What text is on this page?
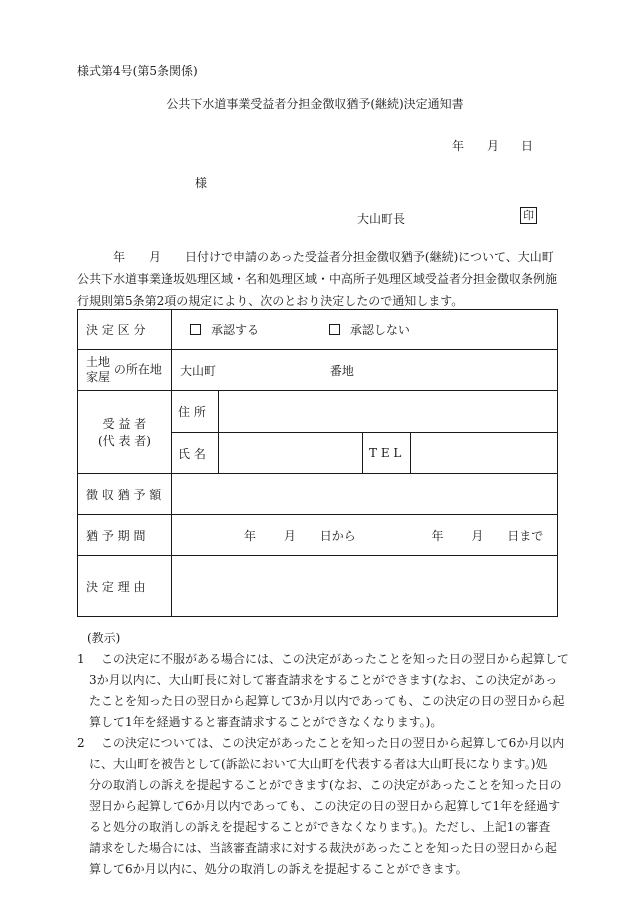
様式第4号(第5条関係)
公共下水道事業受益者分担金徴収猶予(継続)決定通知書
年 月 日
様
大山町長	印

年　　月　　日付けで申請のあった受益者分担金徴収猶予(継続)について、大山町

公共下水道事業逢坂処理区域・名和処理区域・中高所子処理区域受益者分担金徴収条例施

行規則第5条第2項の規定により、次のとおり決定したので通知します。

決 定 区 分	承認する 承認しない			
土地
家屋 の所在地	大山町 番地			

受 益 者
(代 表 者)	住 所			
	氏 名		T E L	
徴 収 猶 予 額				
猶 予 期 間	年 月 日から 年 月 日まで			
決 定 理 由				
(教示)
1	この決定に不服がある場合には、この決定があったことを知った日の翌日から起算して
3か月以内に、大山町長に対して審査請求をすることができます(なお、この決定があっ
たことを知った日の翌日から起算して3か月以内であっても、この決定の日の翌日から起
算して1年を経過すると審査請求することができなくなります。)。
2	この決定については、この決定があったことを知った日の翌日から起算して6か月以内
に、大山町を被告として(訴訟において大山町を代表する者は大山町長になります。)処
分の取消しの訴えを提起することができます(なお、この決定があったことを知った日の
翌日から起算して6か月以内であっても、この決定の日の翌日から起算して1年を経過す
ると処分の取消しの訴えを提起することができなくなります。)。ただし、上記1の審査
請求をした場合には、当該審査請求に対する裁決があったことを知った日の翌日から起
算して6か月以内に、処分の取消しの訴えを提起することができます。
